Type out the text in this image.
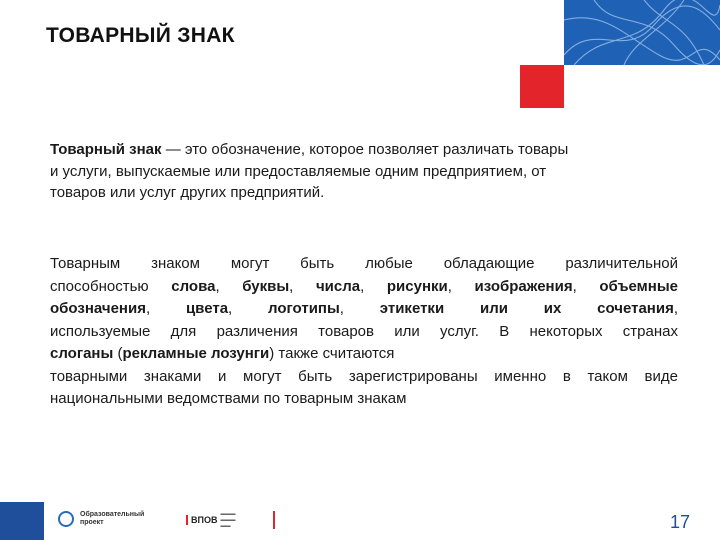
ТОВАРНЫЙ ЗНАК
Товарный знак — это обозначение, которое позволяет различать товары
и услуги, выпускаемые или предоставляемые одним предприятием, от
товаров или услуг других предприятий.
Товарным знаком могут быть любые обладающие различительной
способностью слова, буквы, числа, рисунки, изображения, объемные
обозначения, цвета, логотипы, этикетки или их сочетания,
используемые для различения товаров или услуг. В некоторых странах
слоганы (рекламные лозунги) также считаются
товарными знаками и могут быть зарегистрированы именно в таком виде
национальными ведомствами по товарным знакам
Образовательный
проект	ВПОВ
▬▬▬
▬▬▬
▬▬	17
